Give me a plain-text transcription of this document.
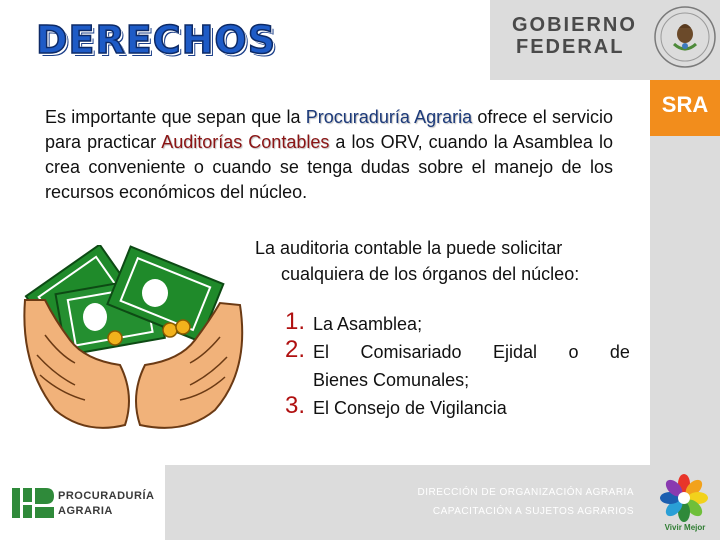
DERECHOS	GOBIERNO
FEDERAL
SRA

Es importante que sepan que la Procuraduría Agraria ofrece el servicio para practicar Auditorías Contables a los ORV, cuando la Asamblea lo crea conveniente o cuando se tenga dudas sobre el manejo de los recursos económicos del núcleo.

La auditoria contable la puede solicitar
cualquiera de los órganos del núcleo:
1. La Asamblea;
2. El Comisariado Ejidal o de
Bienes Comunales;
3. El Consejo de Vigilancia
DIRECCIÓN DE ORGANIZACIÓN AGRARIA
CAPACITACIÓN A SUJETOS AGRARIOS
PROCURADURÍA
AGRARIA
Vivir Mejor
